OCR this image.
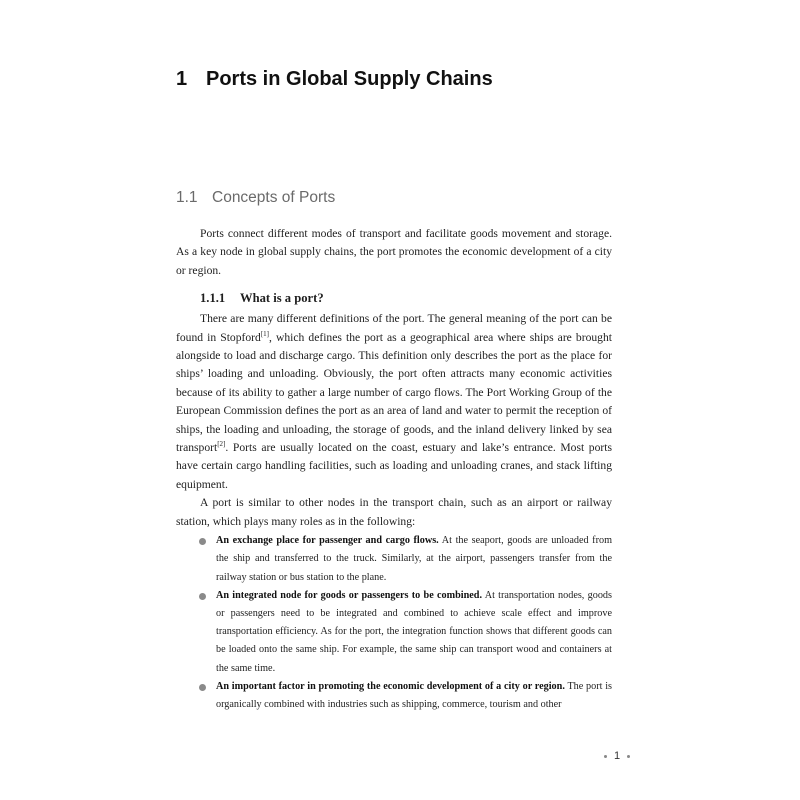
1 Ports in Global Supply Chains
1.1 Concepts of Ports

Ports connect different modes of transport and facilitate goods movement and storage. As a key node in global supply chains, the port promotes the economic development of a city or region.

1.1.1 What is a port?

There are many different definitions of the port. The general meaning of the port can be found in Stopford[1], which defines the port as a geographical area where ships are brought alongside to load and discharge cargo. This definition only describes the port as the place for ships’ loading and unloading. Obviously, the port often attracts many economic activities because of its ability to gather a large number of cargo flows. The Port Working Group of the European Commission defines the port as an area of land and water to permit the reception of ships, the loading and unloading, the storage of goods, and the inland delivery linked by sea transport[2]. Ports are usually located on the coast, estuary and lake’s entrance. Most ports have certain cargo handling facilities, such as loading and unloading cranes, and stack lifting equipment.

A port is similar to other nodes in the transport chain, such as an airport or railway station, which plays many roles as in the following:

An exchange place for passenger and cargo flows. At the seaport, goods are unloaded from the ship and transferred to the truck. Similarly, at the airport, passengers transfer from the railway station or bus station to the plane.
An integrated node for goods or passengers to be combined. At transportation nodes, goods or passengers need to be integrated and combined to achieve scale effect and improve transportation efficiency. As for the port, the integration function shows that different goods can be loaded onto the same ship. For example, the same ship can transport wood and containers at the same time.
An important factor in promoting the economic development of a city or region. The port is organically combined with industries such as shipping, commerce, tourism and other
1
